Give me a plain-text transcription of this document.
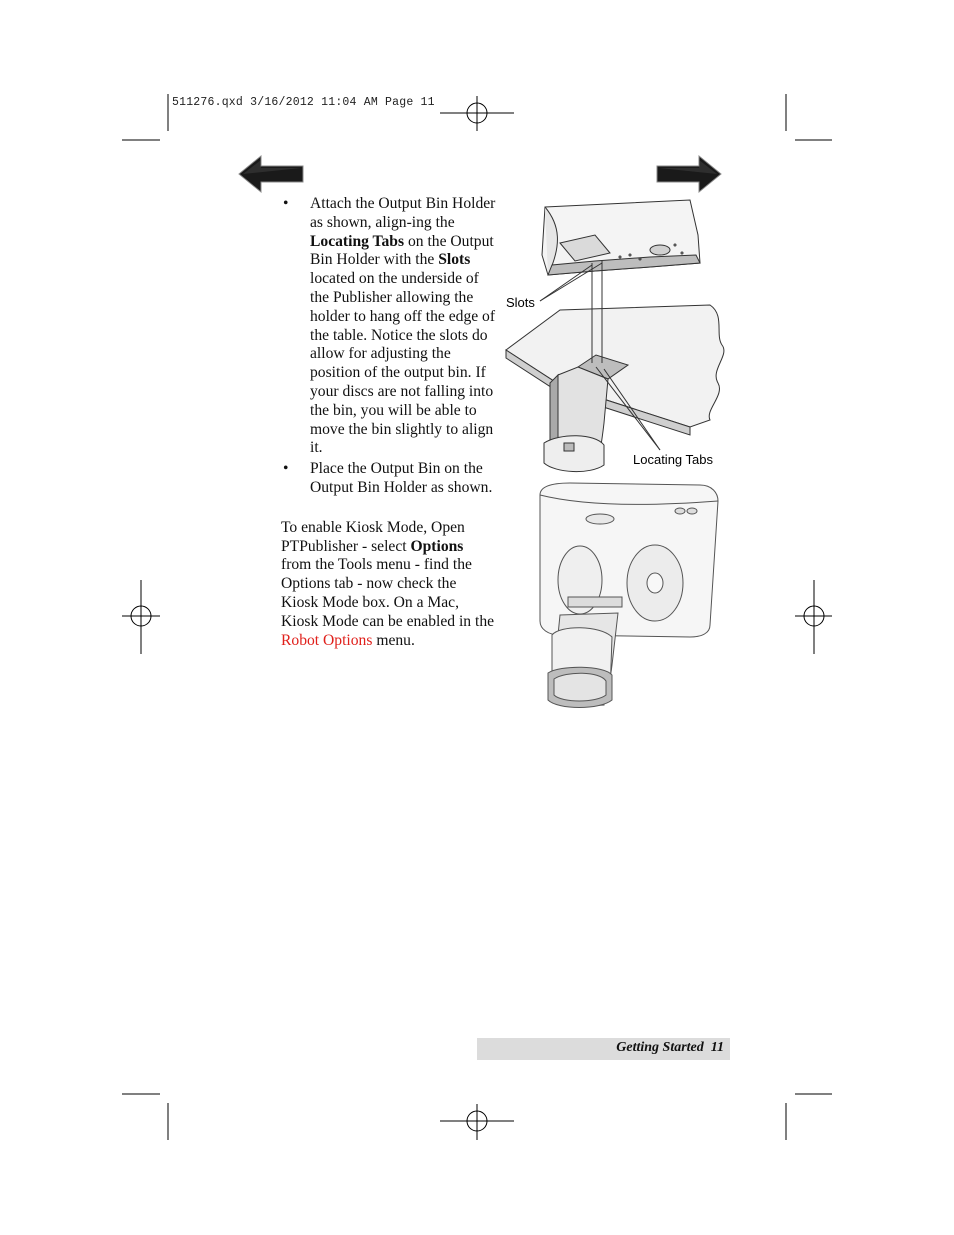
511276.qxd 3/16/2012 11:04 AM Page 11
• Attach the Output Bin Holder as shown, align-ing the Locating Tabs on the Output Bin Holder with the Slots located on the underside of the Publisher allowing the holder to hang off the edge of the table. Notice the slots do allow for adjusting the position of the output bin. If your discs are not falling into the bin, you will be able to move the bin slightly to align it.
• Place the Output Bin on the Output Bin Holder as shown.

To enable Kiosk Mode, Open PTPublisher - select Options from the Tools menu - find the Options tab - now check the Kiosk Mode box. On a Mac, Kiosk Mode can be enabled in the Robot Options menu.

Slots
Locating Tabs
Getting Started 11
